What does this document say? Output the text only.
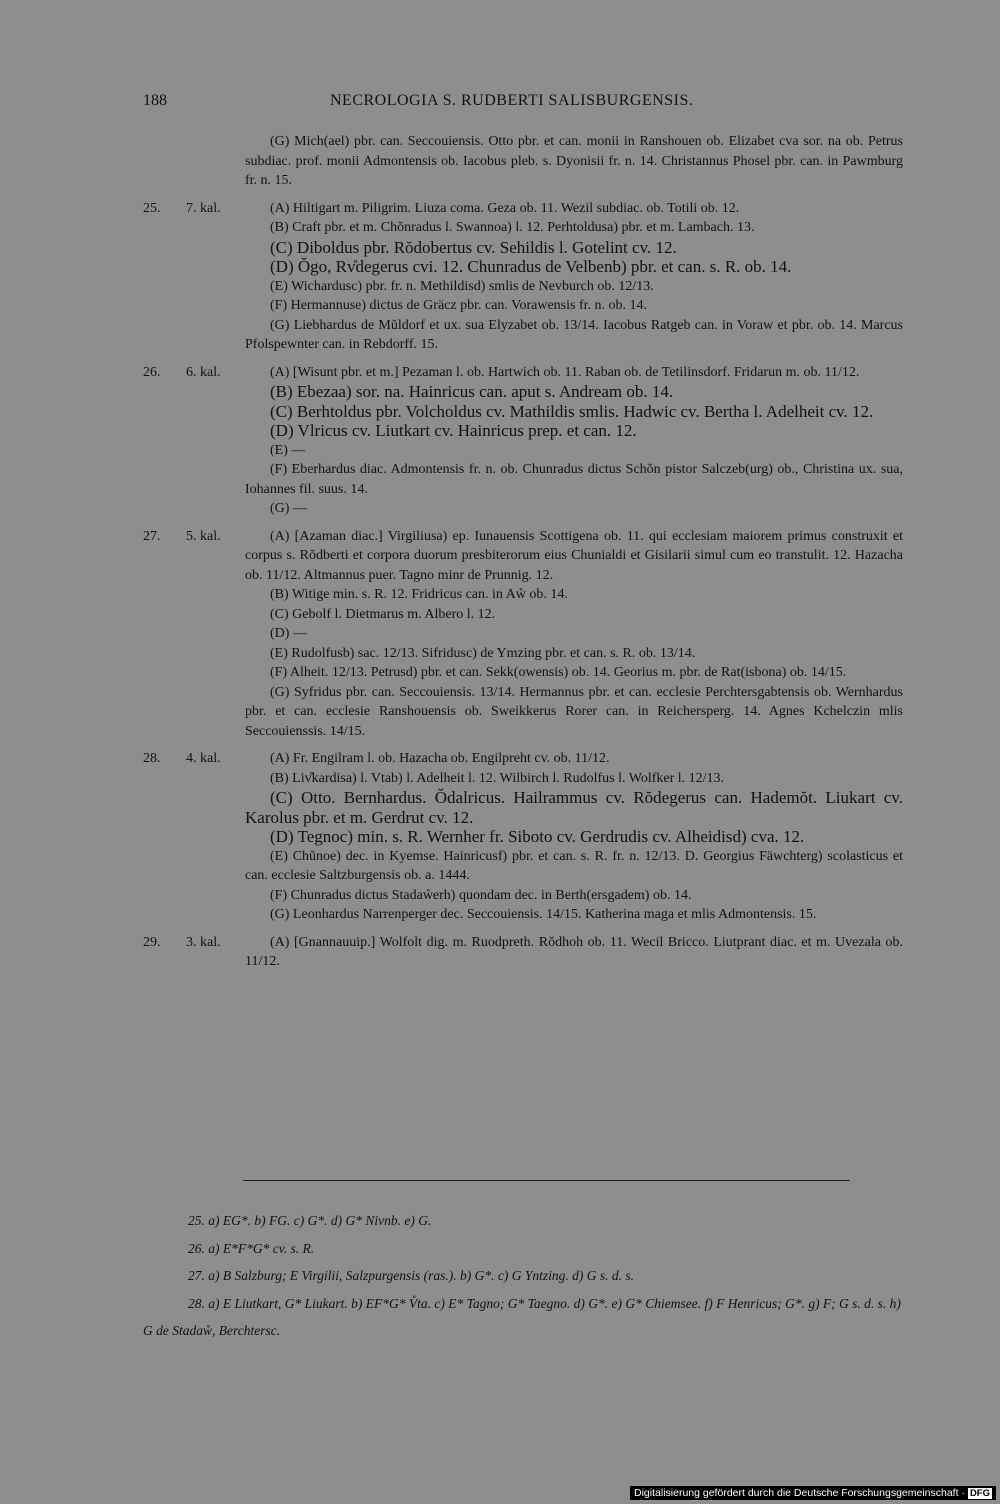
188	NECROLOGIA S. RUDBERTI SALISBURGENSIS.
(G) Mich(ael) pbr. can. Seccouiensis. Otto pbr. et can. monii in Ranshouen ob. Elizabet cva sor. na ob. Petrus subdiac. prof. monii Admontensis ob. Iacobus pleb. s. Dyonisii fr. n. 14. Christannus Phosel pbr. can. in Pawmburg fr. n. 15.
25. 7. kal.	(A) Hiltigart m. Piligrim. Liuza coma. Geza ob. 11. Wezil subdiac. ob. Totili ob. 12.
(B) Craft pbr. et m. Chŏnradus l. Swannoa) l. 12. Perhtoldusa) pbr. et m. Lambach. 13.
(C) Diboldus pbr. Rŏdobertus cv. Sehildis l. Gotelint cv. 12.
(D) Ŏgo, Rv̊degerus cvi. 12. Chunradus de Velbenb) pbr. et can. s. R. ob. 14.
(E) Wichardusc) pbr. fr. n. Methildisd) smlis de Nevburch ob. 12/13.
(F) Hermannuse) dictus de Gräcz pbr. can. Vorawensis fr. n. ob. 14.
(G) Liebhardus de Mŭldorf et ux. sua Elyzabet ob. 13/14. Iacobus Ratgeb can. in Voraw et pbr. ob. 14. Marcus Pfolspewnter can. in Rebdorff. 15.
26. 6. kal.	(A) [Wisunt pbr. et m.] Pezaman l. ob. Hartwich ob. 11. Raban ob. de Tetilinsdorf. Fridarun m. ob. 11/12.
(B) Ebezaa) sor. na. Hainricus can. aput s. Andream ob. 14.
(C) Berhtoldus pbr. Volcholdus cv. Mathildis smlis. Hadwic cv. Bertha l. Adelheit cv. 12.
(D) Vlricus cv. Liutkart cv. Hainricus prep. et can. 12.
(E) —
(F) Eberhardus diac. Admontensis fr. n. ob. Chunradus dictus Schŏn pistor Salczeb(urg) ob., Christina ux. sua, Iohannes fil. suus. 14.
(G) —
27. 5. kal.	(A) [Azaman diac.] Virgiliusa) ep. Iunauensis Scottigena ob. 11. qui ecclesiam maiorem primus construxit et corpus s. Rŏdberti et corpora duorum presbiterorum eius Chunialdi et Gisilarii simul cum eo transtulit. 12. Hazacha ob. 11/12. Altmannus puer. Tagno minr de Prunnig. 12.
(B) Witige min. s. R. 12. Fridricus can. in Aẘ ob. 14.
(C) Gebolf l. Dietmarus m. Albero l. 12.
(D) —
(E) Rudolfusb) sac. 12/13. Sifridusc) de Ymzing pbr. et can. s. R. ob. 13/14.
(F) Alheit. 12/13. Petrusd) pbr. et can. Sekk(owensis) ob. 14. Georius m. pbr. de Rat(isbona) ob. 14/15.
(G) Syfridus pbr. can. Seccouiensis. 13/14. Hermannus pbr. et can. ecclesie Perchtersgabtensis ob. Wernhardus pbr. et can. ecclesie Ranshouensis ob. Sweikkerus Rorer can. in Reichersperg. 14. Agnes Kchelczin mlis Seccouienssis. 14/15.
28. 4. kal.	(A) Fr. Engilram l. ob. Hazacha ob. Engilpreht cv. ob. 11/12.
(B) Liv̊kardisa) l. Vtab) l. Adelheit l. 12. Wilbirch l. Rudolfus l. Wolfker l. 12/13.
(C) Otto. Bernhardus. Ŏdalricus. Hailrammus cv. Rŏdegerus can. Hademŏt. Liukart cv. Karolus pbr. et m. Gerdrut cv. 12.
(D) Tegnoc) min. s. R. Wernher fr. Siboto cv. Gerdrudis cv. Alheidisd) cva. 12.
(E) Chŭnoe) dec. in Kyemse. Hainricusf) pbr. et can. s. R. fr. n. 12/13. D. Georgius Fäwchterg) scolasticus et can. ecclesie Saltzburgensis ob. a. 1444.
(F) Chunradus dictus Stadaẘerh) quondam dec. in Berth(ersgadem) ob. 14.
(G) Leonhardus Narrenperger dec. Seccouiensis. 14/15. Katherina maga et mlis Admontensis. 15.
29. 3. kal.	(A) [Gnannauuip.] Wolfolt dig. m. Ruodpreth. Rŏdhoh ob. 11. Wecil Bricco. Liutprant diac. et m. Uvezala ob. 11/12.
25. a) EG*. b) FG. c) G*. d) G* Nivnb. e) G.
26. a) E*F*G* cv. s. R.
27. a) B Salzburg; E Virgilii, Salzpurgensis (ras.). b) G*. c) G Yntzing. d) G s. d. s.
28. a) E Liutkart, G* Liukart. b) EF*G* V̊ta. c) E* Tagno; G* Taegno. d) G*. e) G* Chiemsee. f) F Henricus; G*. g) F; G s. d. s. h) G de Stadaẘ, Berchtersc.
Digitalisierung gefördert durch die Deutsche Forschungsgemeinschaft · DFG
